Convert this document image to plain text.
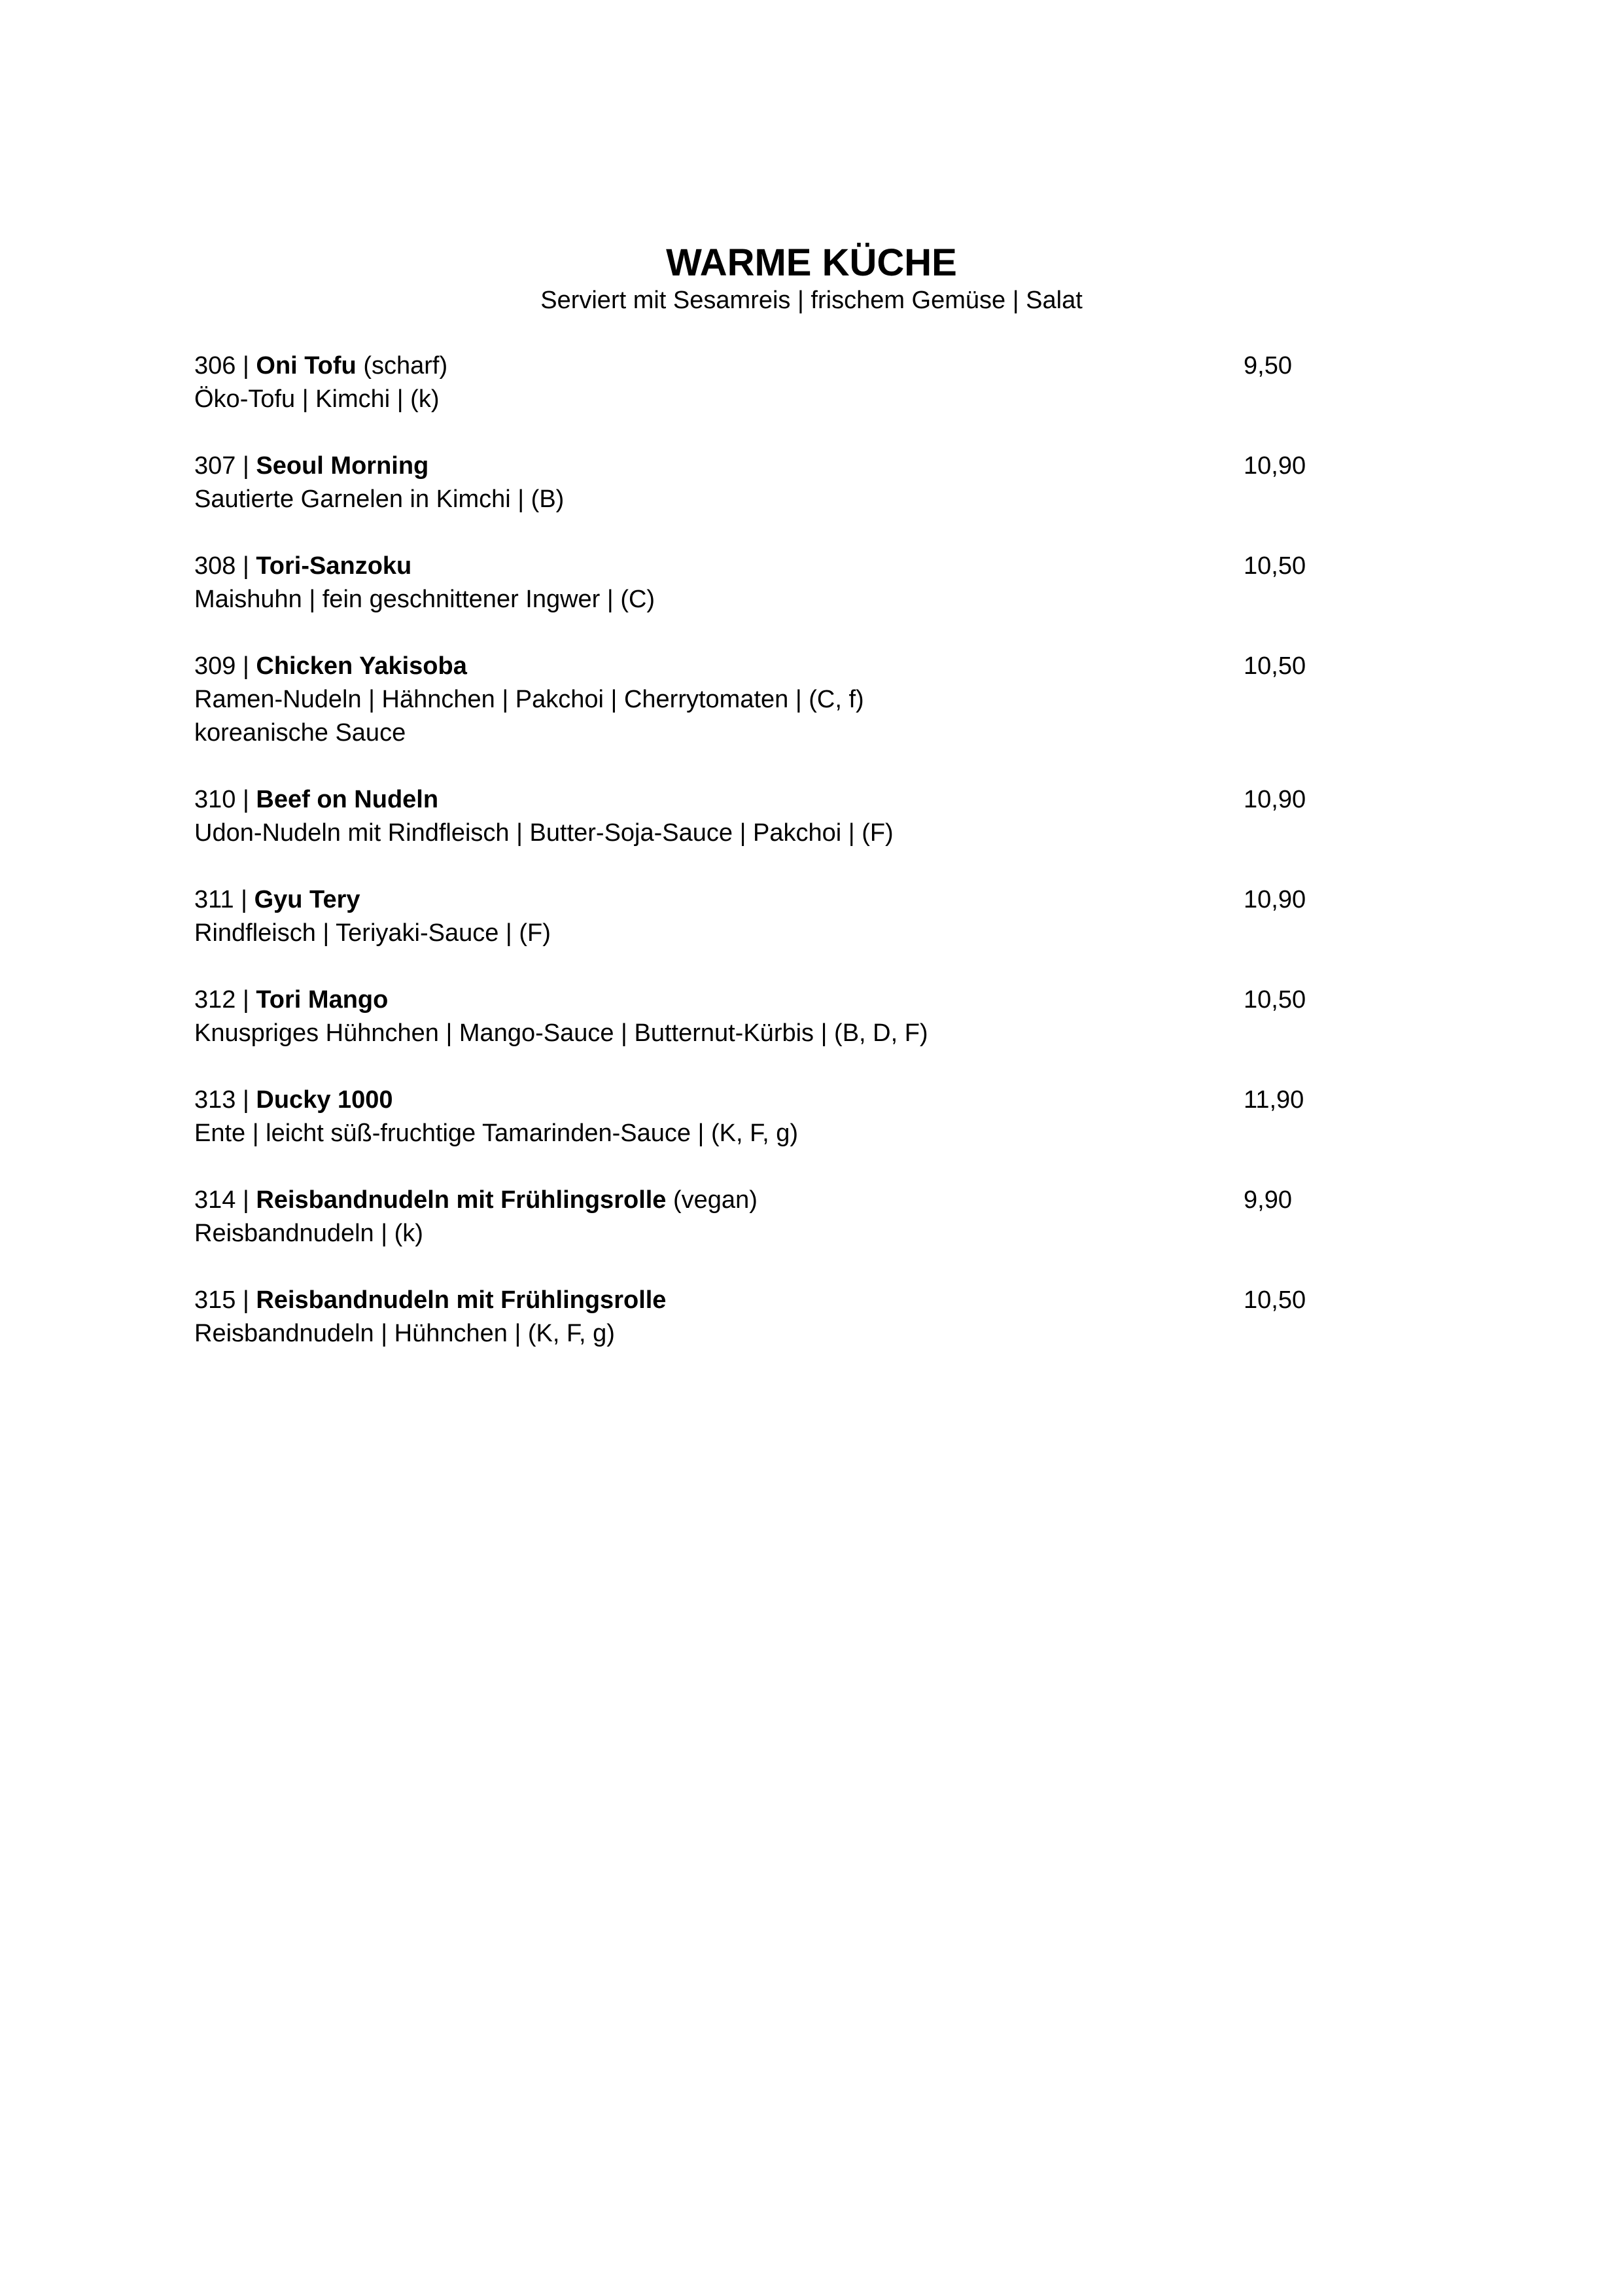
WARME KÜCHE

Serviert mit Sesamreis | frischem Gemüse | Salat

306 | Oni Tofu (scharf)
Öko-Tofu | Kimchi | (k)
9,50
307 | Seoul Morning
Sautierte Garnelen in Kimchi | (B)
10,90
308 | Tori-Sanzoku
Maishuhn | fein geschnittener Ingwer | (C)
10,50
309 | Chicken Yakisoba
Ramen-Nudeln | Hähnchen | Pakchoi | Cherrytomaten | (C, f)
koreanische Sauce
10,50
310 | Beef on Nudeln
Udon-Nudeln mit Rindfleisch | Butter-Soja-Sauce | Pakchoi | (F)
10,90
311 | Gyu Tery
Rindfleisch | Teriyaki-Sauce | (F)
10,90
312 | Tori Mango
Knuspriges Hühnchen | Mango-Sauce | Butternut-Kürbis | (B, D, F)
10,50
313 | Ducky 1000
Ente | leicht süß-fruchtige Tamarinden-Sauce | (K, F, g)
11,90
314 | Reisbandnudeln mit Frühlingsrolle (vegan)
Reisbandnudeln | (k)
9,90
315 | Reisbandnudeln mit Frühlingsrolle
Reisbandnudeln | Hühnchen | (K, F, g)
10,50
